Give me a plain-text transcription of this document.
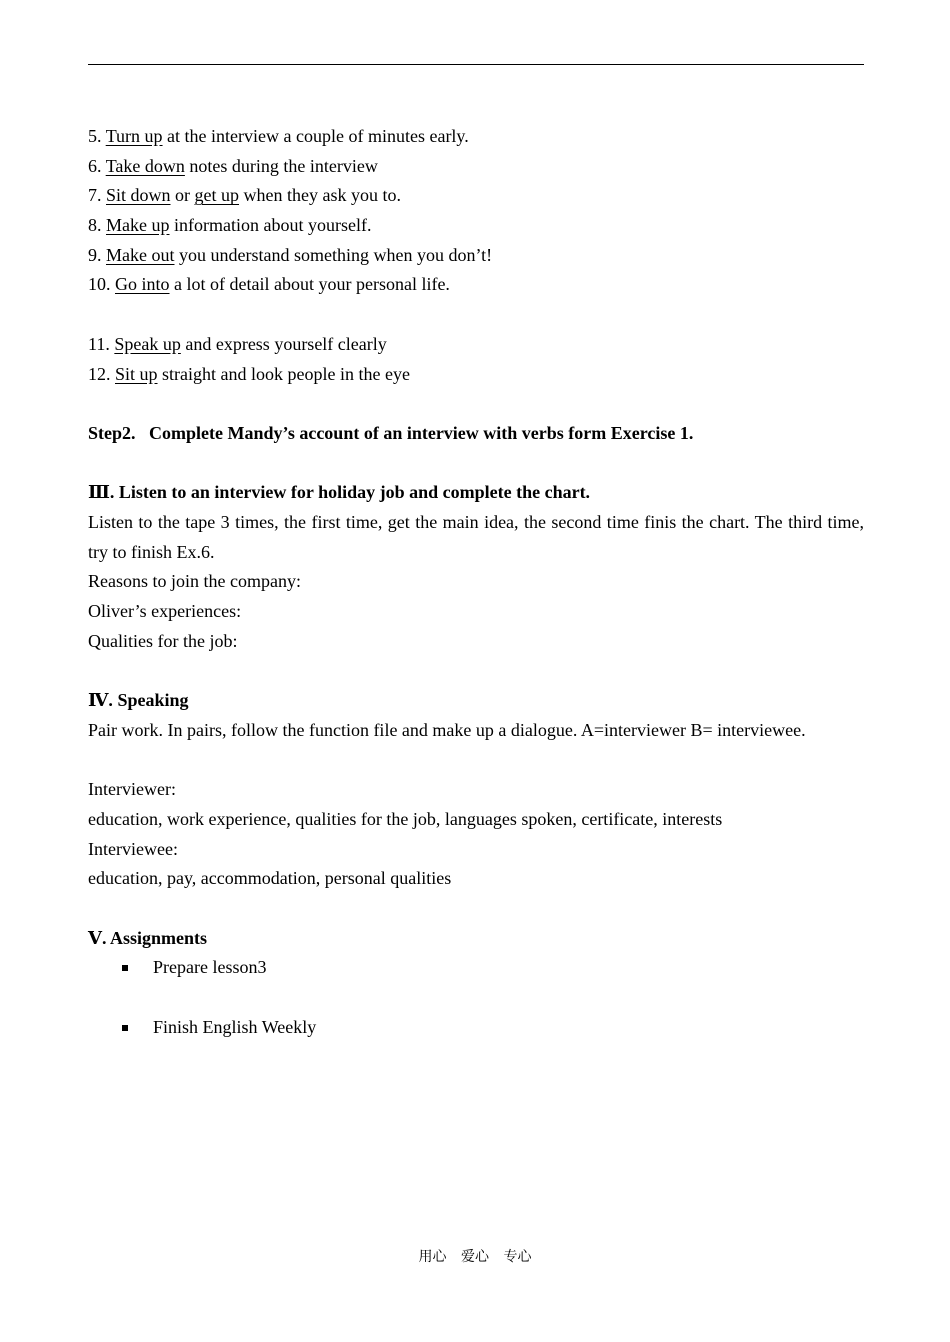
5. Turn up at the interview a couple of minutes early.
6. Take down notes during the interview
7. Sit down or get up when they ask you to.
8. Make up information about yourself.
9. Make out you understand something when you don’t!
10. Go into a lot of detail about your personal life.
11. Speak up and express yourself clearly
12. Sit up straight and look people in the eye
Step2.   Complete Mandy’s account of an interview with verbs form Exercise 1.
Ⅲ. Listen to an interview for holiday job and complete the chart.
Listen to the tape 3 times, the first time, get the main idea, the second time finis the chart. The third time, try to finish Ex.6.
Reasons to join the company:
Oliver’s experiences:
Qualities for the job:
Ⅳ. Speaking
Pair work. In pairs, follow the function file and make up a dialogue. A=interviewer B= interviewee.
Interviewer:
education, work experience, qualities for the job, languages spoken, certificate, interests
Interviewee:
education, pay, accommodation, personal qualities
Ⅴ. Assignments
Prepare lesson3
Finish English Weekly
用心 爱心 专心
